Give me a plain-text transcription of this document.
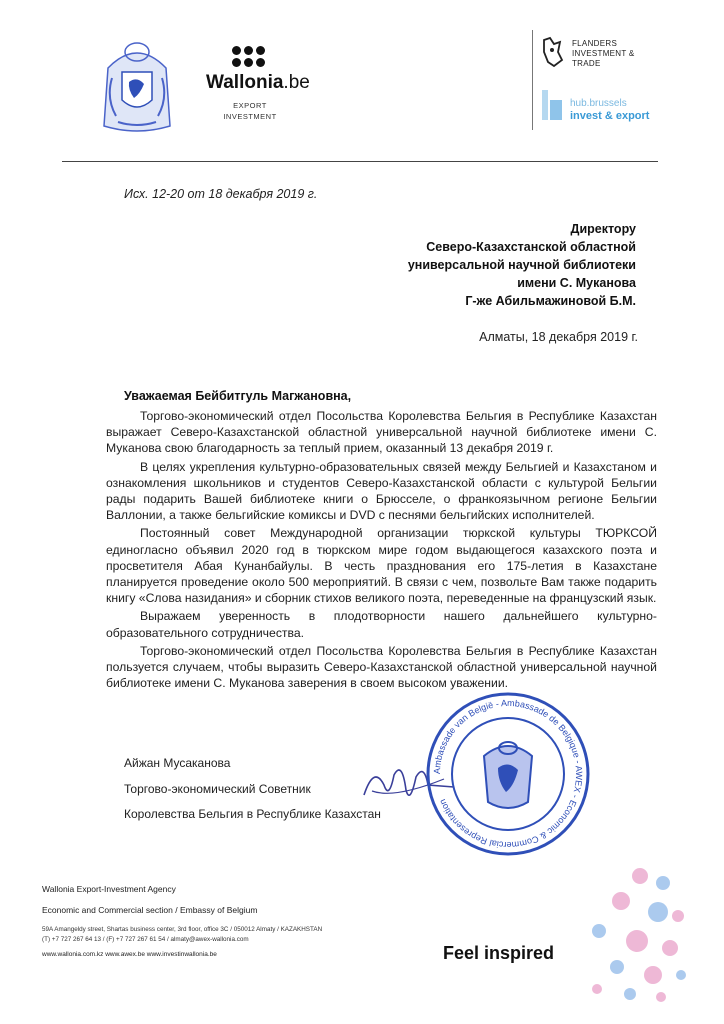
Wallonia.be
EXPORT
INVESTMENT
FLANDERS
INVESTMENT &
TRADE
hub.brussels
invest & export
Исх. 12-20 от 18 декабря 2019 г.
Директору
Северо-Казахстанской областной
универсальной научной библиотеки
имени С. Муканова
Г-же Абильмажиновой Б.М.
Алматы, 18 декабря 2019 г.
Уважаемая Бейбитгуль Магжановна,

Торгово-экономический отдел Посольства Королевства Бельгия в Республике Казахстан выражает Северо-Казахстанской областной универсальной научной библиотеке имени С. Муканова свою благодарность за теплый прием, оказанный 13 декабря 2019 г.

В целях укрепления культурно-образовательных связей между Бельгией и Казахстаном и ознакомления школьников и студентов Северо-Казахстанской области с культурой Бельгии рады подарить Вашей библиотеке книги о Брюсселе, о франкоязычном регионе Бельгии Валлонии, а также бельгийские комиксы и DVD с песнями бельгийских исполнителей.

Постоянный совет Международной организации тюркской культуры ТЮРКСОЙ единогласно объявил 2020 год в тюркском мире годом выдающегося казахского поэта и просветителя Абая Кунанбайулы. В честь празднования его 175-летия в Казахстане планируется проведение около 500 мероприятий. В связи с чем, позвольте Вам также подарить книгу «Слова назидания» и сборник стихов великого поэта, переведенные на французский язык.

Выражаем уверенность в плодотворности нашего дальнейшего культурно-образовательного сотрудничества.

Торгово-экономический отдел Посольства Королевства Бельгия в Республике Казахстан пользуется случаем, чтобы выразить Северо-Казахстанской областной универсальной научной библиотеке имени С. Муканова заверения в своем высоком уважении.

Айжан Мусаканова
Торгово-экономический Советник
Королевства Бельгия в Республике Казахстан
Ambassade van België - Ambassade de Belgique - AWEX - Economic & Commercial Representation
Wallonia Export-Investment Agency
Economic and Commercial section / Embassy of Belgium
59A Amangeldy street, Shartas business center, 3rd floor, office 3C / 050012 Almaty / KAZAKHSTAN
(T) +7 727 267 64 13 / (F) +7 727 267 61 54 / almaty@awex-wallonia.com
www.wallonia.com.kz www.awex.be www.investinwallonia.be	Feel inspired
